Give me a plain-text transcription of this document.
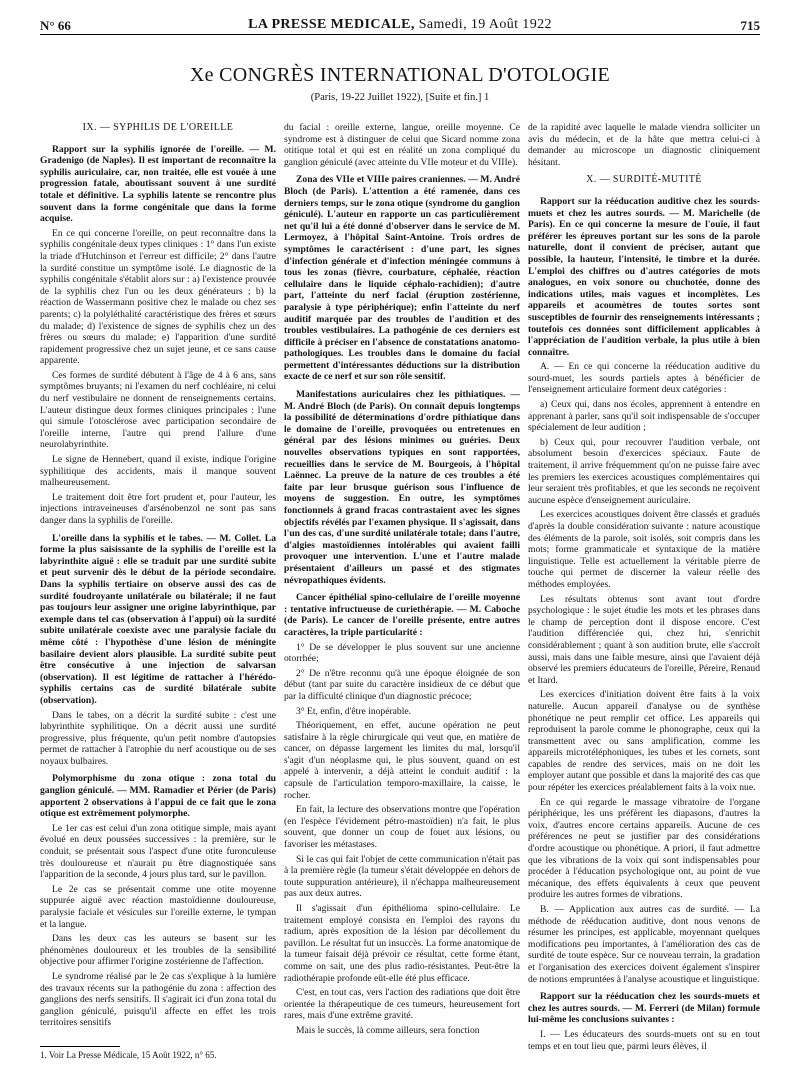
N° 66	LA PRESSE MEDICALE, Samedi, 19 Août 1922	715
Xe CONGRÈS INTERNATIONAL D'OTOLOGIE
(Paris, 19-22 Juillet 1922), [Suite et fin.] 1
IX. — SYPHILIS DE L'OREILLE

Rapport sur la syphilis ignorée de l'oreille. — M. Gradenigo (de Naples). Il est important de reconnaître la syphilis auriculaire, car, non traitée, elle est vouée à une progression fatale, aboutissant souvent à une surdité totale et définitive. La syphilis latente se rencontre plus souvent dans la forme congénitale que dans la forme acquise.

En ce qui concerne l'oreille, on peut reconnaître dans la syphilis congénitale deux types cliniques : 1° dans l'un existe la triade d'Hutchinson et l'erreur est difficile; 2° dans l'autre la surdité constitue un symptôme isolé. Le diagnostic de la syphilis congénitale s'établit alors sur : a) l'existence prouvée de la syphilis chez l'un ou les deux générateurs ; b) la réaction de Wassermann positive chez le malade ou chez ses parents; c) la polyléthalité caractéristique des frères et sœurs du malade; d) l'existence de signes de syphilis chez un des frères ou sœurs du malade; e) l'apparition d'une surdité rapidement progressive chez un sujet jeune, et ce sans cause apparente.

Ces formes de surdité débutent à l'âge de 4 à 6 ans, sans symptômes bruyants; ni l'examen du nerf cochléaire, ni celui du nerf vestibulaire ne donnent de renseignements certains. L'auteur distingue deux formes cliniques principales : l'une qui simule l'otosclérose avec participation secondaire de l'oreille interne, l'autre qui prend l'allure d'une neurolabyrinthite.

Le signe de Hennebert, quand il existe, indique l'origine syphilitique des accidents, mais il manque souvent malheureusement.

Le traitement doit être fort prudent et, pour l'auteur, les injections intraveineuses d'arsénobenzol ne sont pas sans danger dans la syphilis de l'oreille.

L'oreille dans la syphilis et le tabes. — M. Collet. La forme la plus saisissante de la syphilis de l'oreille est la labyrinthite aiguë : elle se traduit par une surdité subite et peut survenir dès le début de la période secondaire. Dans la syphilis tertiaire on observe aussi des cas de surdité foudroyante unilatérale ou bilatérale; il ne faut pas toujours leur assigner une origine labyrinthique, par exemple dans tel cas (observation à l'appui) où la surdité subite unilatérale coexiste avec une paralysie faciale du même côté : l'hypothèse d'une lésion de méningite basilaire devient alors plausible. La surdité subite peut être consécutive à une injection de salvarsan (observation). Il est légitime de rattacher à l'hérédo-syphilis certains cas de surdité bilatérale subite (observation).

Dans le tabes, on a décrit la surdité subite : c'est une labyrinthite syphilitique. On a décrit aussi une surdité progressive, plus fréquente, qu'un petit nombre d'autopsies permet de rattacher à l'atrophie du nerf acoustique ou de ses noyaux bulbaires.

Polymorphisme du zona otique : zona total du ganglion géniculé. — MM. Ramadier et Périer (de Paris) apportent 2 observations à l'appui de ce fait que le zona otique est extrêmement polymorphe.

Le 1er cas est celui d'un zona otitique simple, mais ayant évolué en deux poussées successives : la première, sur le conduit, se présentait sous l'aspect d'une otite furonculeuse très douloureuse et n'aurait pu être diagnostiquée sans l'apparition de la seconde, 4 jours plus tard, sur le pavillon.

Le 2e cas se présentait comme une otite moyenne suppurée aiguë avec réaction mastoïdienne douloureuse, paralysie faciale et vésicules sur l'oreille externe, le tympan et la langue.

Dans les deux cas les auteurs se basent sur les phénomènes douloureux et les troubles de la sensibilité objective pour affirmer l'origine zostérienne de l'affection.

Le syndrome réalisé par le 2e cas s'explique à la lumière des travaux récents sur la pathogénie du zona : affection des ganglions des nerfs sensitifs. Il s'agirait ici d'un zona total du ganglion géniculé, puisqu'il affecte en effet les trois territoires sensitifs

du facial : oreille externe, langue, oreille moyenne. Ce syndrome est à distinguer de celui que Sicard nomme zona otitique total et qui est en réalité un zona compliqué du ganglion géniculé (avec atteinte du VIIe moteur et du VIIIe).

Zona des VIIe et VIIIe paires craniennes. — M. André Bloch (de Paris). L'attention a été ramenée, dans ces derniers temps, sur le zona otique (syndrome du ganglion géniculé). L'auteur en rapporte un cas particulièrement net qu'il lui a été donné d'observer dans le service de M. Lermoyez, à l'hôpital Saint-Antoine. Trois ordres de symptômes le caractérisent : d'une part, les signes d'infection générale et d'infection méningée communs à tous les zonas (fièvre, courbature, céphalée, réaction cellulaire dans le liquide céphalo-rachidien); d'autre part, l'atteinte du nerf facial (éruption zostérienne, paralysie à type périphérique); enfin l'atteinte du nerf auditif marquée par des troubles de l'audition et des troubles vestibulaires. La pathogénie de ces derniers est difficile à préciser en l'absence de constatations anatomo-pathologiques. Les troubles dans le domaine du facial permettent d'intéressantes déductions sur la distribution exacte de ce nerf et sur son rôle sensitif.

Manifestations auriculaires chez les pithiatiques. — M. André Bloch (de Paris). On connaît depuis longtemps la possibilité de déterminations d'ordre pithiatique dans le domaine de l'oreille, provoquées ou entretenues en général par des lésions minimes ou guéries. Deux nouvelles observations typiques en sont rapportées, recueillies dans le service de M. Bourgeois, à l'hôpital Laënnec. La preuve de la nature de ces troubles a été faite par leur brusque guérison sous l'influence de moyens de suggestion. En outre, les symptômes fonctionnels à grand fracas contrastaient avec les signes objectifs révélés par l'examen physique. Il s'agissait, dans l'un des cas, d'une surdité unilatérale totale; dans l'autre, d'algies mastoïdiennes intolérables qui avaient failli provoquer une intervention. L'une et l'autre malade présentaient d'ailleurs un passé et des stigmates névropathiques évidents.

Cancer épithélial spino-cellulaire de l'oreille moyenne : tentative infructueuse de curiethérapie. — M. Caboche (de Paris). Le cancer de l'oreille présente, entre autres caractères, la triple particularité :

1° De se développer le plus souvent sur une ancienne otorrhée;

2° De n'être reconnu qu'à une époque éloignée de son début (tant par suite du caractère insidieux de ce début que par la difficulté clinique d'un diagnostic précoce;

3° Et, enfin, d'être inopérable.

Théoriquement, en effet, aucune opération ne peut satisfaire à la règle chirurgicale qui veut que, en matière de cancer, on dépasse largement les limites du mal, lorsqu'il s'agit d'un néoplasme qui, le plus souvent, quand on est appelé à intervenir, a déjà atteint le conduit auditif : la capsule de l'articulation temporo-maxillaire, la caisse, le rocher.

En fait, la lecture des observations montre que l'opération (en l'espèce l'évidement pétro-mastoïdien) n'a fait, le plus souvent, que donner un coup de fouet aux lésions, ou favoriser les métastases.

Si le cas qui fait l'objet de cette communication n'était pas à la première règle (la tumeur s'était développée en dehors de toute suppuration antérieure), il n'échappa malheureusement pas aux deux autres.

Il s'agissait d'un épithélioma spino-cellulaire. Le traitement employé consista en l'emploi des rayons du radium, après exposition de la lésion par décollement du pavillon. Le résultat fut un insuccès. La forme anatomique de la tumeur faisait déjà prévoir ce résultat, cette forme étant, comme on sait, une des plus radio-résistantes. Peut-être la radiothérapie profonde eût-elle été plus efficace.

C'est, en tout cas, vers l'action des radiations que doit être orientée la thérapeutique de ces tumeurs, heureusement fort rares, mais d'une extrême gravité.

Mais le succès, là comme ailleurs, sera fonction

de la rapidité avec laquelle le malade viendra solliciter un avis du médecin, et de la hâte que mettra celui-ci à demander au microscope un diagnostic cliniquement hésitant.

X. — SURDITÉ-MUTITÉ

Rapport sur la rééducation auditive chez les sourds-muets et chez les autres sourds. — M. Marichelle (de Paris). En ce qui concerne la mesure de l'ouïe, il faut préférer les épreuves portant sur les sons de la parole naturelle, dont il convient de préciser, autant que possible, la hauteur, l'intensité, le timbre et la durée. L'emploi des chiffres ou d'autres catégories de mots analogues, en voix sonore ou chuchotée, donne des indications utiles, mais vagues et incomplètes. Les appareils et acoumètres de toutes sortes sont susceptibles de fournir des renseignements intéressants ; toutefois ces données sont difficilement applicables à l'appréciation de l'audition verbale, la plus utile à bien connaître.

A. — En ce qui concerne la rééducation auditive du sourd-muet, les sourds partiels aptes à bénéficier de l'enseignement articulaire forment deux catégories :

a) Ceux qui, dans nos écoles, apprennent à entendre en apprenant à parler, sans qu'il soit indispensable de s'occuper spécialement de leur audition ;

b) Ceux qui, pour recouvrer l'audition verbale, ont absolument besoin d'exercices spéciaux. Faute de traitement, il arrive fréquemment qu'on ne puisse faire avec les premiers les exercices acoustiques complémentaires qui leur seraient très profitables, et que les seconds ne reçoivent aucune espèce d'enseignement auriculaire.

Les exercices acoustiques doivent être classés et gradués d'après la double considération suivante : nature acoustique des éléments de la parole, soit isolés, soit compris dans les mots; forme grammaticale et syntaxique de la matière linguistique. Telle est actuellement la véritable pierre de touche qui permet de discerner la valeur réelle des méthodes employées.

Les résultats obtenus sont avant tout d'ordre psychologique : le sujet étudie les mots et les phrases dans le champ de perception dont il dispose encore. C'est l'audition différenciée qui, chez lui, s'enrichit considérablement ; quant à son audition brute, elle s'accroît aussi, mais dans une faible mesure, ainsi que l'avaient déjà observé les premiers éducateurs de l'oreille, Péreire, Renaud et Itard.

Les exercices d'initiation doivent être faits à la voix naturelle. Aucun appareil d'analyse ou de synthèse phonétique ne peut remplir cet office. Les appareils qui reproduisent la parole comme le phonographe, ceux qui la transmettent avec ou sans amplification, comme les appareils microtéléphoniques, les tubes et les cornets, sont capables de rendre des services, mais on ne doit les employer autant que possible et dans la majorité des cas que pour répéter les exercices préalablement faits à la voix nue.

En ce qui regarde le massage vibratoire de l'organe périphérique, les uns préfèrent les diapasons, d'autres la voix, d'autres encore certains appareils. Aucune de ces préférences ne peut se justifier par des considérations d'ordre acoustique ou phonétique. A priori, il faut admettre que les vibrations de la voix qui sont indispensables pour procéder à l'éducation psychologique ont, au point de vue mécanique, des effets équivalents à ceux que peuvent produire les autres formes de vibrations.

B. — Application aux autres cas de surdité. — La méthode de rééducation auditive, dont nous venons de résumer les principes, est applicable, moyennant quelques modifications peu importantes, à l'amélioration des cas de surdité de toute espèce. Sur ce nouveau terrain, la gradation et l'organisation des exercices doivent également s'inspirer de notions empruntées à l'analyse acoustique et linguistique.

Rapport sur la rééducation chez les sourds-muets et chez les autres sourds. — M. Ferreri (de Milan) formule lui-même les conclusions suivantes :

I. — Les éducateurs des sourds-muets ont su en tout temps et en tout lieu que, parmi leurs élèves, il

1. Voir La Presse Médicale, 15 Août 1922, n° 65.
